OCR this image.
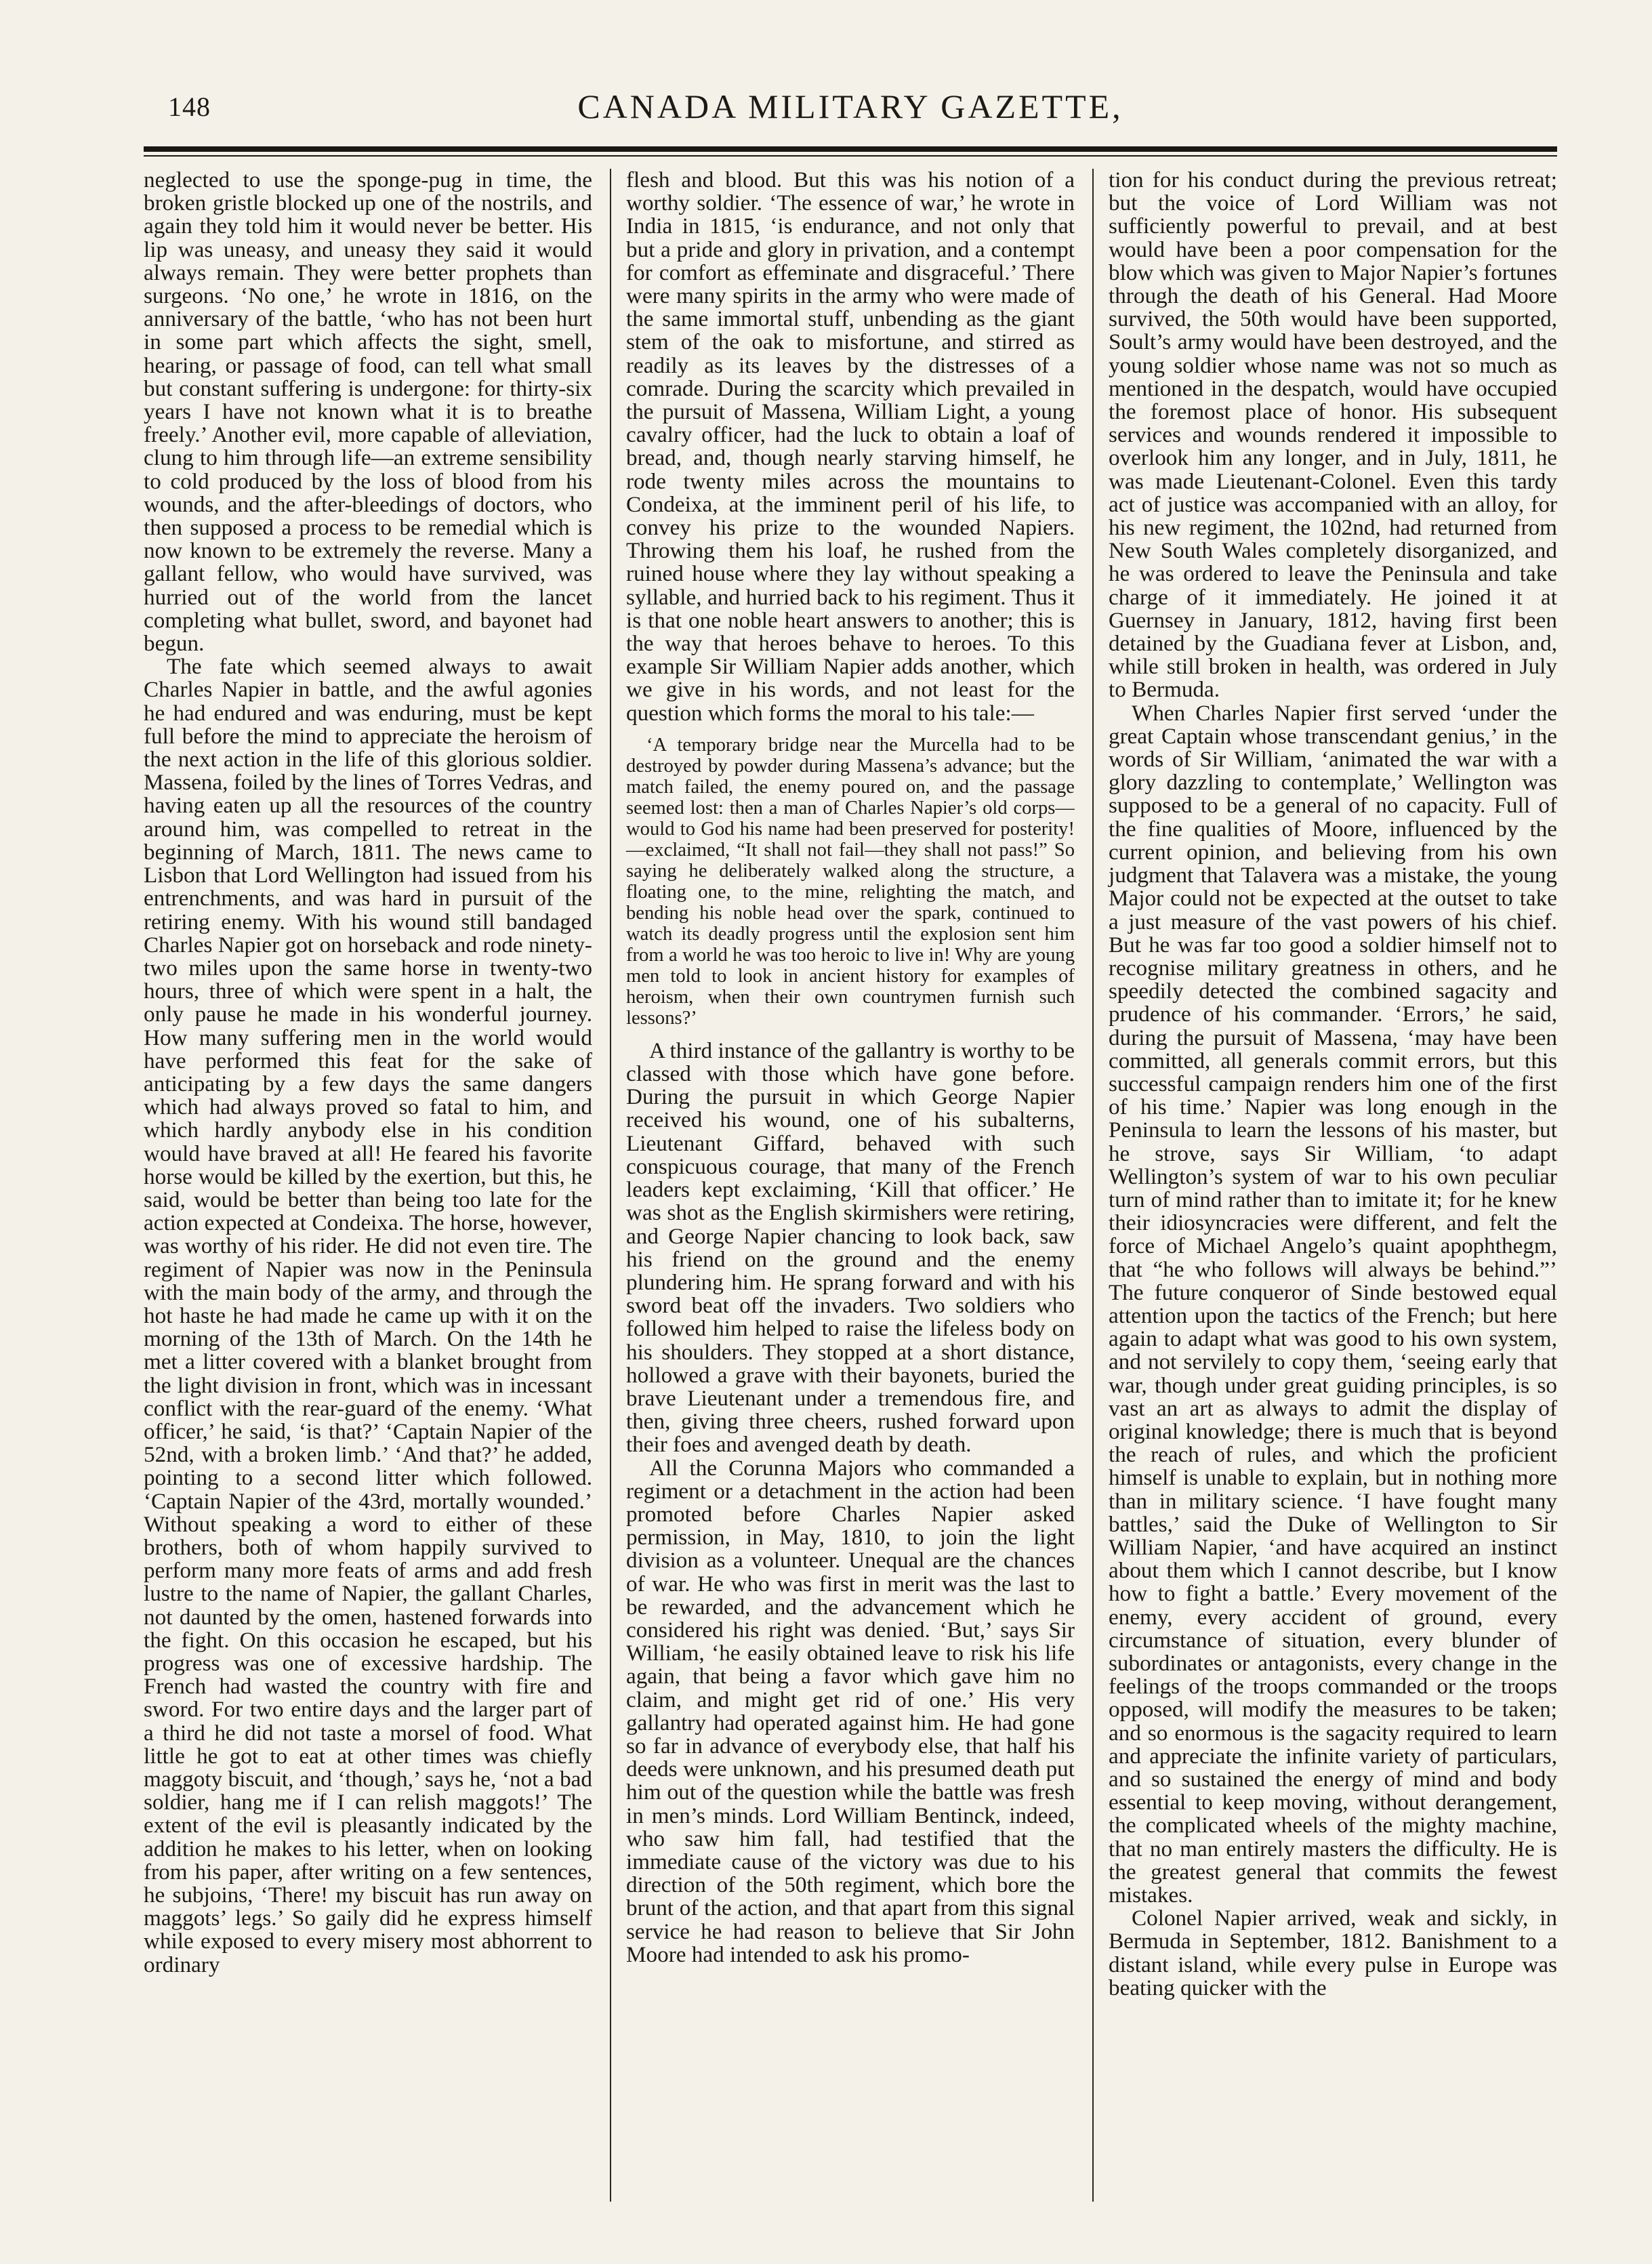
148	CANADA MILITARY GAZETTE,

neglected to use the sponge-pug in time, the broken gristle blocked up one of the nostrils, and again they told him it would never be better. His lip was uneasy, and uneasy they said it would always remain. They were better prophets than surgeons. ‘No one,’ he wrote in 1816, on the anniversary of the battle, ‘who has not been hurt in some part which affects the sight, smell, hearing, or passage of food, can tell what small but constant suffering is undergone: for thirty-six years I have not known what it is to breathe freely.’ Another evil, more capable of alleviation, clung to him through life—an extreme sensibility to cold produced by the loss of blood from his wounds, and the after-bleedings of doctors, who then supposed a process to be remedial which is now known to be extremely the reverse. Many a gallant fellow, who would have survived, was hurried out of the world from the lancet completing what bullet, sword, and bayonet had begun.

The fate which seemed always to await Charles Napier in battle, and the awful agonies he had endured and was enduring, must be kept full before the mind to appreciate the heroism of the next action in the life of this glorious soldier. Massena, foiled by the lines of Torres Vedras, and having eaten up all the resources of the country around him, was compelled to retreat in the beginning of March, 1811. The news came to Lisbon that Lord Wellington had issued from his entrenchments, and was hard in pursuit of the retiring enemy. With his wound still bandaged Charles Napier got on horseback and rode ninety-two miles upon the same horse in twenty-two hours, three of which were spent in a halt, the only pause he made in his wonderful journey. How many suffering men in the world would have performed this feat for the sake of anticipating by a few days the same dangers which had always proved so fatal to him, and which hardly anybody else in his condition would have braved at all! He feared his favorite horse would be killed by the exertion, but this, he said, would be better than being too late for the action expected at Condeixa. The horse, however, was worthy of his rider. He did not even tire. The regiment of Napier was now in the Peninsula with the main body of the army, and through the hot haste he had made he came up with it on the morning of the 13th of March. On the 14th he met a litter covered with a blanket brought from the light division in front, which was in incessant conflict with the rear-guard of the enemy. ‘What officer,’ he said, ‘is that?’ ‘Captain Napier of the 52nd, with a broken limb.’ ‘And that?’ he added, pointing to a second litter which followed. ‘Captain Napier of the 43rd, mortally wounded.’ Without speaking a word to either of these brothers, both of whom happily survived to perform many more feats of arms and add fresh lustre to the name of Napier, the gallant Charles, not daunted by the omen, hastened forwards into the fight. On this occasion he escaped, but his progress was one of excessive hardship. The French had wasted the country with fire and sword. For two entire days and the larger part of a third he did not taste a morsel of food. What little he got to eat at other times was chiefly maggoty biscuit, and ‘though,’ says he, ‘not a bad soldier, hang me if I can relish maggots!’ The extent of the evil is pleasantly indicated by the addition he makes to his letter, when on looking from his paper, after writing on a few sentences, he subjoins, ‘There! my biscuit has run away on maggots’ legs.’ So gaily did he express himself while exposed to every misery most abhorrent to ordinary

flesh and blood. But this was his notion of a worthy soldier. ‘The essence of war,’ he wrote in India in 1815, ‘is endurance, and not only that but a pride and glory in privation, and a contempt for comfort as effeminate and disgraceful.’ There were many spirits in the army who were made of the same immortal stuff, unbending as the giant stem of the oak to misfortune, and stirred as readily as its leaves by the distresses of a comrade. During the scarcity which prevailed in the pursuit of Massena, William Light, a young cavalry officer, had the luck to obtain a loaf of bread, and, though nearly starving himself, he rode twenty miles across the mountains to Condeixa, at the imminent peril of his life, to convey his prize to the wounded Napiers. Throwing them his loaf, he rushed from the ruined house where they lay without speaking a syllable, and hurried back to his regiment. Thus it is that one noble heart answers to another; this is the way that heroes behave to heroes. To this example Sir William Napier adds another, which we give in his words, and not least for the question which forms the moral to his tale:—

‘A temporary bridge near the Murcella had to be destroyed by powder during Massena’s advance; but the match failed, the enemy poured on, and the passage seemed lost: then a man of Charles Napier’s old corps—would to God his name had been preserved for posterity!—exclaimed, “It shall not fail—they shall not pass!” So saying he deliberately walked along the structure, a floating one, to the mine, relighting the match, and bending his noble head over the spark, continued to watch its deadly progress until the explosion sent him from a world he was too heroic to live in! Why are young men told to look in ancient history for examples of heroism, when their own countrymen furnish such lessons?’

A third instance of the gallantry is worthy to be classed with those which have gone before. During the pursuit in which George Napier received his wound, one of his subalterns, Lieutenant Giffard, behaved with such conspicuous courage, that many of the French leaders kept exclaiming, ‘Kill that officer.’ He was shot as the English skirmishers were retiring, and George Napier chancing to look back, saw his friend on the ground and the enemy plundering him. He sprang forward and with his sword beat off the invaders. Two soldiers who followed him helped to raise the lifeless body on his shoulders. They stopped at a short distance, hollowed a grave with their bayonets, buried the brave Lieutenant under a tremendous fire, and then, giving three cheers, rushed forward upon their foes and avenged death by death.

All the Corunna Majors who commanded a regiment or a detachment in the action had been promoted before Charles Napier asked permission, in May, 1810, to join the light division as a volunteer. Unequal are the chances of war. He who was first in merit was the last to be rewarded, and the advancement which he considered his right was denied. ‘But,’ says Sir William, ‘he easily obtained leave to risk his life again, that being a favor which gave him no claim, and might get rid of one.’ His very gallantry had operated against him. He had gone so far in advance of everybody else, that half his deeds were unknown, and his presumed death put him out of the question while the battle was fresh in men’s minds. Lord William Bentinck, indeed, who saw him fall, had testified that the immediate cause of the victory was due to his direction of the 50th regiment, which bore the brunt of the action, and that apart from this signal service he had reason to believe that Sir John Moore had intended to ask his promo-

tion for his conduct during the previous retreat; but the voice of Lord William was not sufficiently powerful to prevail, and at best would have been a poor compensation for the blow which was given to Major Napier’s fortunes through the death of his General. Had Moore survived, the 50th would have been supported, Soult’s army would have been destroyed, and the young soldier whose name was not so much as mentioned in the despatch, would have occupied the foremost place of honor. His subsequent services and wounds rendered it impossible to overlook him any longer, and in July, 1811, he was made Lieutenant-Colonel. Even this tardy act of justice was accompanied with an alloy, for his new regiment, the 102nd, had returned from New South Wales completely disorganized, and he was ordered to leave the Peninsula and take charge of it immediately. He joined it at Guernsey in January, 1812, having first been detained by the Guadiana fever at Lisbon, and, while still broken in health, was ordered in July to Bermuda.

When Charles Napier first served ‘under the great Captain whose transcendant genius,’ in the words of Sir William, ‘animated the war with a glory dazzling to contemplate,’ Wellington was supposed to be a general of no capacity. Full of the fine qualities of Moore, influenced by the current opinion, and believing from his own judgment that Talavera was a mistake, the young Major could not be expected at the outset to take a just measure of the vast powers of his chief. But he was far too good a soldier himself not to recognise military greatness in others, and he speedily detected the combined sagacity and prudence of his commander. ‘Errors,’ he said, during the pursuit of Massena, ‘may have been committed, all generals commit errors, but this successful campaign renders him one of the first of his time.’ Napier was long enough in the Peninsula to learn the lessons of his master, but he strove, says Sir William, ‘to adapt Wellington’s system of war to his own peculiar turn of mind rather than to imitate it; for he knew their idiosyncracies were different, and felt the force of Michael Angelo’s quaint apophthegm, that “he who follows will always be behind.”’ The future conqueror of Sinde bestowed equal attention upon the tactics of the French; but here again to adapt what was good to his own system, and not servilely to copy them, ‘seeing early that war, though under great guiding principles, is so vast an art as always to admit the display of original knowledge; there is much that is beyond the reach of rules, and which the proficient himself is unable to explain, but in nothing more than in military science. ‘I have fought many battles,’ said the Duke of Wellington to Sir William Napier, ‘and have acquired an instinct about them which I cannot describe, but I know how to fight a battle.’ Every movement of the enemy, every accident of ground, every circumstance of situation, every blunder of subordinates or antagonists, every change in the feelings of the troops commanded or the troops opposed, will modify the measures to be taken; and so enormous is the sagacity required to learn and appreciate the infinite variety of particulars, and so sustained the energy of mind and body essential to keep moving, without derangement, the complicated wheels of the mighty machine, that no man entirely masters the difficulty. He is the greatest general that commits the fewest mistakes.

Colonel Napier arrived, weak and sickly, in Bermuda in September, 1812. Banishment to a distant island, while every pulse in Europe was beating quicker with the
